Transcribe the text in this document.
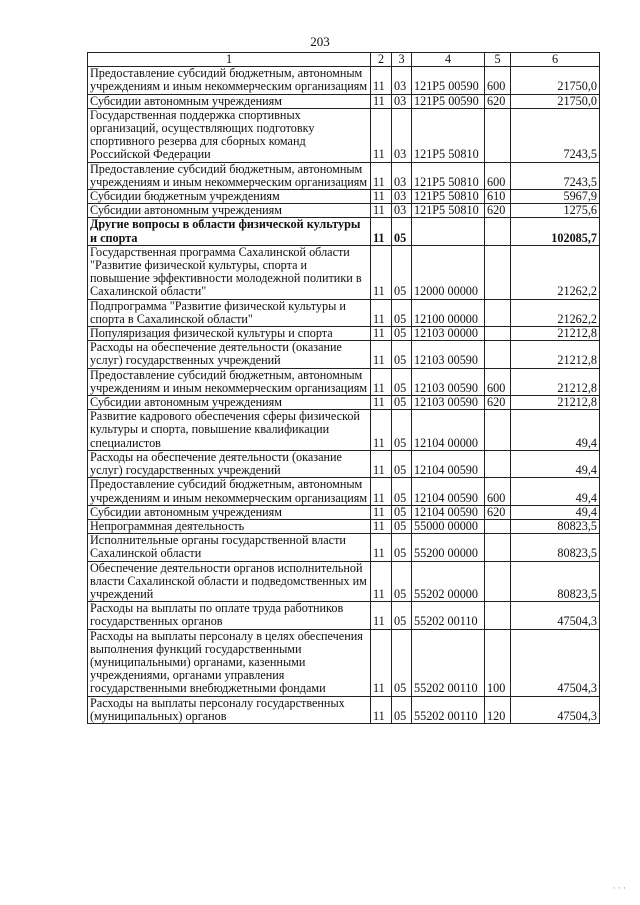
203
1	2	3	4	5	6
Предоставление субсидий бюджетным, автономным учреждениям и иным некоммерческим организациям	11	03	121P5 00590	600	21750,0
Субсидии автономным учреждениям	11	03	121P5 00590	620	21750,0
Государственная поддержка спортивных организаций, осуществляющих подготовку спортивного резерва для сборных команд Российской Федерации	11	03	121P5 50810		7243,5
Предоставление субсидий бюджетным, автономным учреждениям и иным некоммерческим организациям	11	03	121P5 50810	600	7243,5
Субсидии бюджетным учреждениям	11	03	121P5 50810	610	5967,9
Субсидии автономным учреждениям	11	03	121P5 50810	620	1275,6
Другие вопросы в области физической культуры и спорта	11	05			102085,7
Государственная программа Сахалинской области "Развитие физической культуры, спорта и повышение эффективности молодежной политики в Сахалинской области"	11	05	12000 00000		21262,2
Подпрограмма "Развитие физической культуры и спорта в Сахалинской области"	11	05	12100 00000		21262,2
Популяризация физической культуры и спорта	11	05	12103 00000		21212,8
Расходы на обеспечение деятельности (оказание услуг) государственных учреждений	11	05	12103 00590		21212,8
Предоставление субсидий бюджетным, автономным учреждениям и иным некоммерческим организациям	11	05	12103 00590	600	21212,8
Субсидии автономным учреждениям	11	05	12103 00590	620	21212,8
Развитие кадрового обеспечения сферы физической культуры и спорта, повышение квалификации специалистов	11	05	12104 00000		49,4
Расходы на обеспечение деятельности (оказание услуг) государственных учреждений	11	05	12104 00590		49,4
Предоставление субсидий бюджетным, автономным учреждениям и иным некоммерческим организациям	11	05	12104 00590	600	49,4
Субсидии автономным учреждениям	11	05	12104 00590	620	49,4
Непрограммная деятельность	11	05	55000 00000		80823,5
Исполнительные органы государственной власти Сахалинской области	11	05	55200 00000		80823,5
Обеспечение деятельности органов исполнительной власти Сахалинской области и подведомственных им учреждений	11	05	55202 00000		80823,5
Расходы на выплаты по оплате труда работников государственных органов	11	05	55202 00110		47504,3
Расходы на выплаты персоналу в целях обеспечения выполнения функций государственными (муниципальными) органами, казенными учреждениями, органами управления государственными внебюджетными фондами	11	05	55202 00110	100	47504,3
Расходы на выплаты персоналу государственных (муниципальных) органов	11	05	55202 00110	120	47504,3
· · ·
